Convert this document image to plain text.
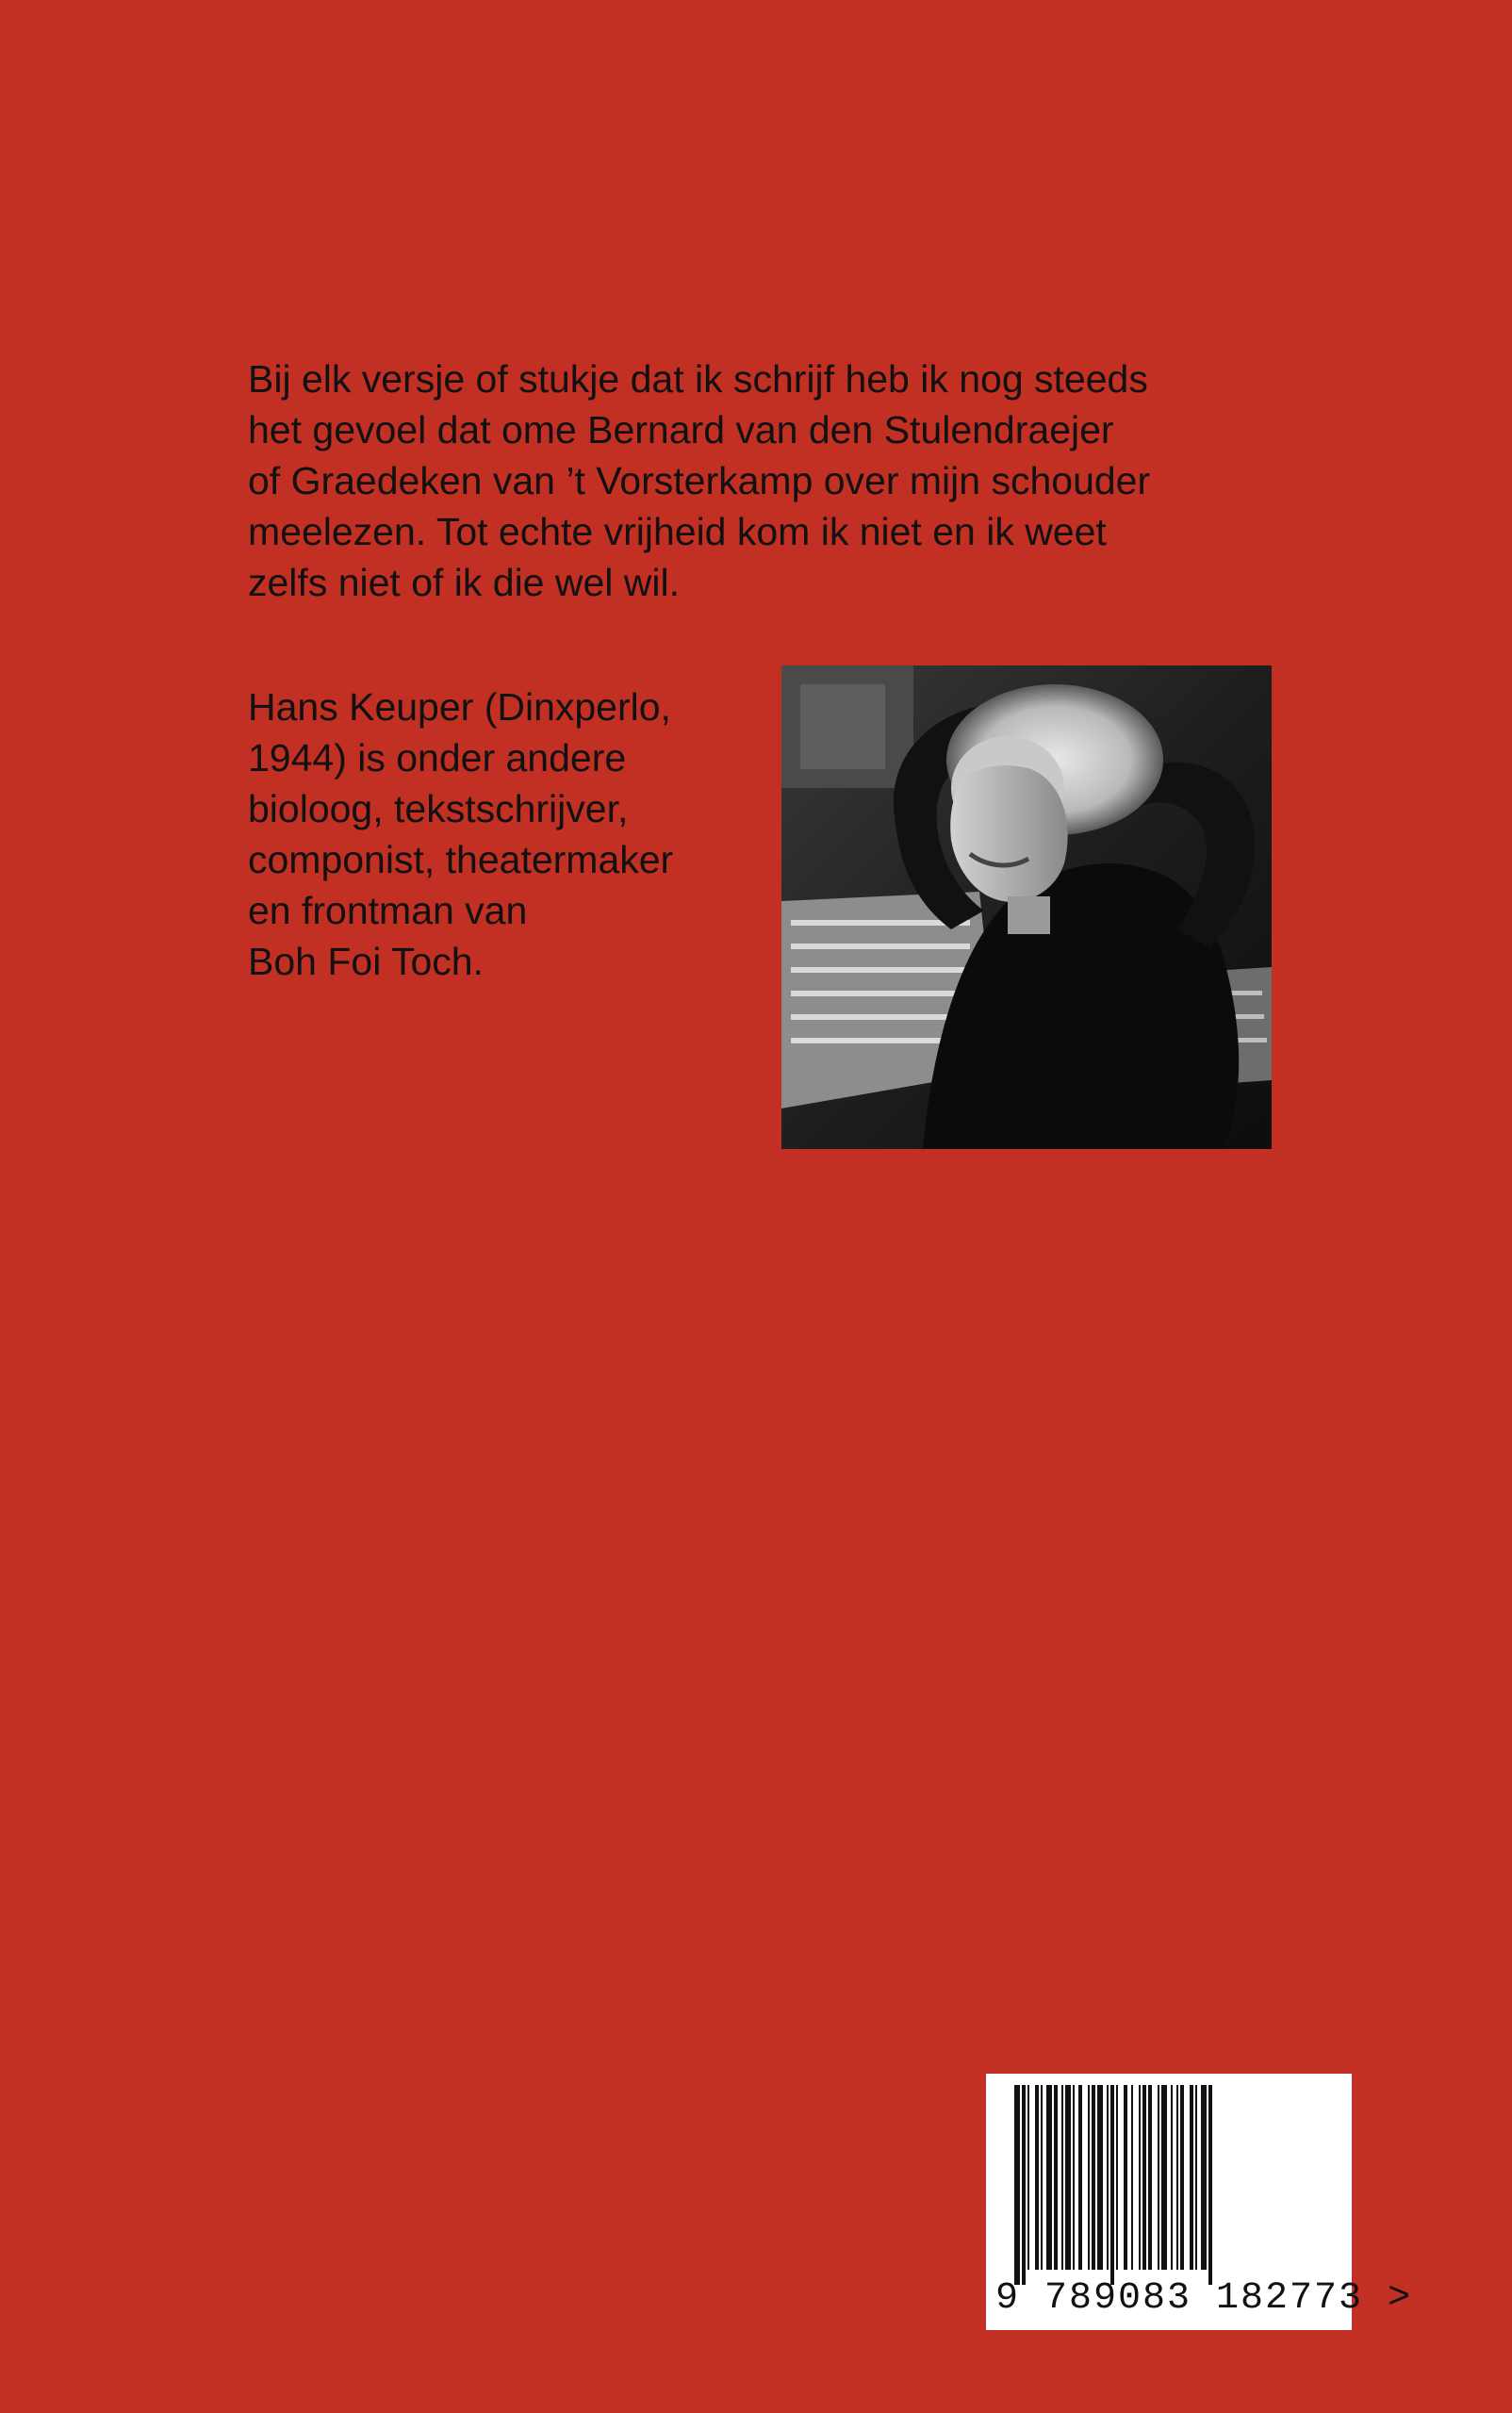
Bij elk versje of stukje dat ik schrijf heb ik nog steeds
het gevoel dat ome Bernard van den Stulendraejer
of Graedeken van ’t Vorsterkamp over mijn schouder
meelezen. Tot echte vrijheid kom ik niet en ik weet
zelfs niet of ik die wel wil.

Hans Keuper (Dinxperlo,
1944) is onder andere
bioloog, tekstschrijver,
componist, theatermaker
en frontman van
Boh Foi Toch.

9 789083 182773 >
